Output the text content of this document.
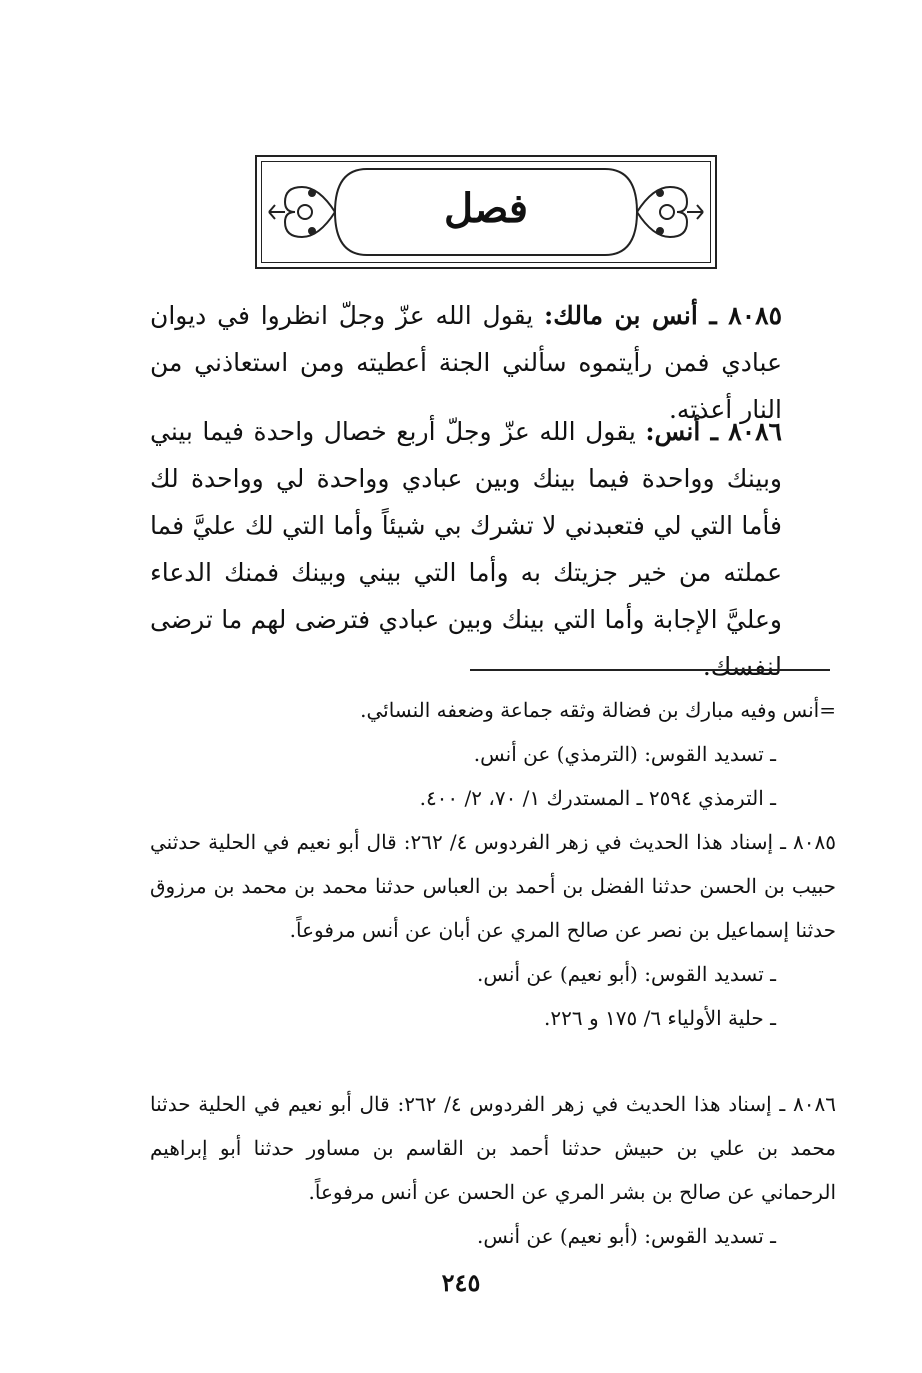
فصل
٨٠٨٥ ـ أنس بن مالك: يقول الله عزّ وجلّ انظروا في ديوان عبادي فمن رأيتموه سألني الجنة أعطيته ومن استعاذني من النار أعذته.
٨٠٨٦ ـ أنس: يقول الله عزّ وجلّ أربع خصال واحدة فيما بيني وبينك وواحدة فيما بينك وبين عبادي وواحدة لي وواحدة لك فأما التي لي فتعبدني لا تشرك بي شيئاً وأما التي لك عليَّ فما عملته من خير جزيتك به وأما التي بيني وبينك فمنك الدعاء وعليَّ الإجابة وأما التي بينك وبين عبادي فترضى لهم ما ترضى لنفسك.

=أنس وفيه مبارك بن فضالة وثقه جماعة وضعفه النسائي.

ـ تسديد القوس: (الترمذي) عن أنس.

ـ الترمذي ٢٥٩٤ ـ المستدرك ١/ ٧٠، ٢/ ٤٠٠.

٨٠٨٥ ـ إسناد هذا الحديث في زهر الفردوس ٤/ ٢٦٢: قال أبو نعيم في الحلية حدثني حبيب بن الحسن حدثنا الفضل بن أحمد بن العباس حدثنا محمد بن محمد بن مرزوق حدثنا إسماعيل بن نصر عن صالح المري عن أبان عن أنس مرفوعاً.

ـ تسديد القوس: (أبو نعيم) عن أنس.

ـ حلية الأولياء ٦/ ١٧٥ و ٢٢٦.

٨٠٨٦ ـ إسناد هذا الحديث في زهر الفردوس ٤/ ٢٦٢: قال أبو نعيم في الحلية حدثنا محمد بن علي بن حبيش حدثنا أحمد بن القاسم بن مساور حدثنا أبو إبراهيم الرحماني عن صالح بن بشر المري عن الحسن عن أنس مرفوعاً.

ـ تسديد القوس: (أبو نعيم) عن أنس.

٢٤٥
